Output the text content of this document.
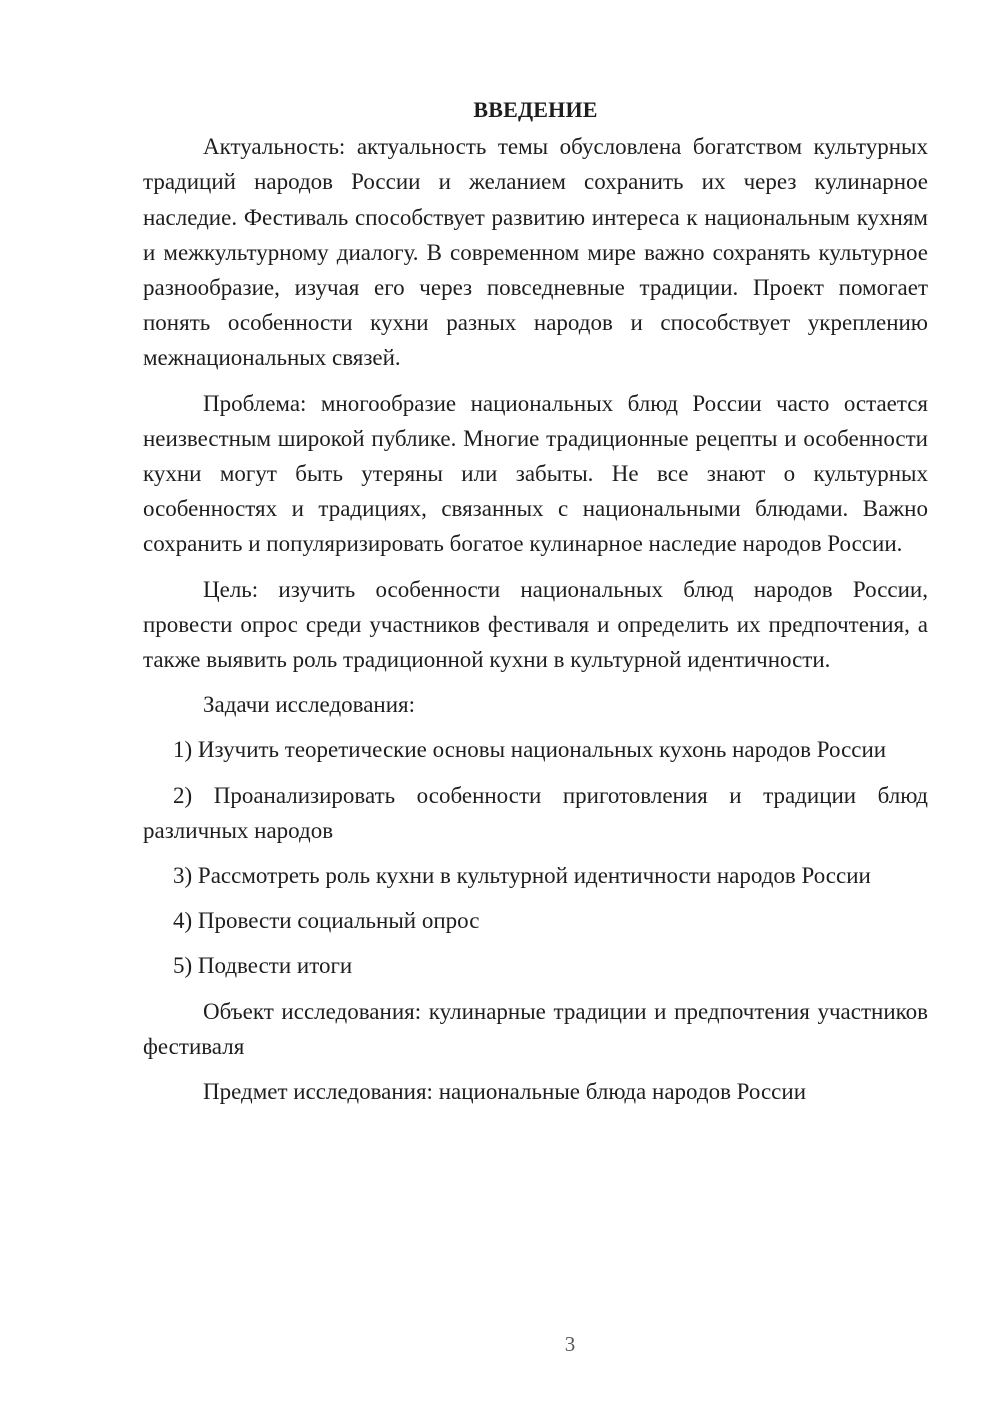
ВВЕДЕНИЕ

Актуальность: актуальность темы обусловлена богатством культурных традиций народов России и желанием сохранить их через кулинарное наследие. Фестиваль способствует развитию интереса к национальным кухням и межкультурному диалогу. В современном мире важно сохранять культурное разнообразие, изучая его через повседневные традиции. Проект помогает понять особенности кухни разных народов и способствует укреплению межнациональных связей.

Проблема: многообразие национальных блюд России часто остается неизвестным широкой публике. Многие традиционные рецепты и особенности кухни могут быть утеряны или забыты. Не все знают о культурных особенностях и традициях, связанных с национальными блюдами. Важно сохранить и популяризировать богатое кулинарное наследие народов России.

Цель: изучить особенности национальных блюд народов России, провести опрос среди участников фестиваля и определить их предпочтения, а также выявить роль традиционной кухни в культурной идентичности.

Задачи исследования:

1) Изучить теоретические основы национальных кухонь народов России

2) Проанализировать особенности приготовления и традиции блюд различных народов

3) Рассмотреть роль кухни в культурной идентичности народов России

4) Провести социальный опрос

5) Подвести итоги

Объект исследования: кулинарные традиции и предпочтения участников фестиваля

Предмет исследования: национальные блюда народов России

3
